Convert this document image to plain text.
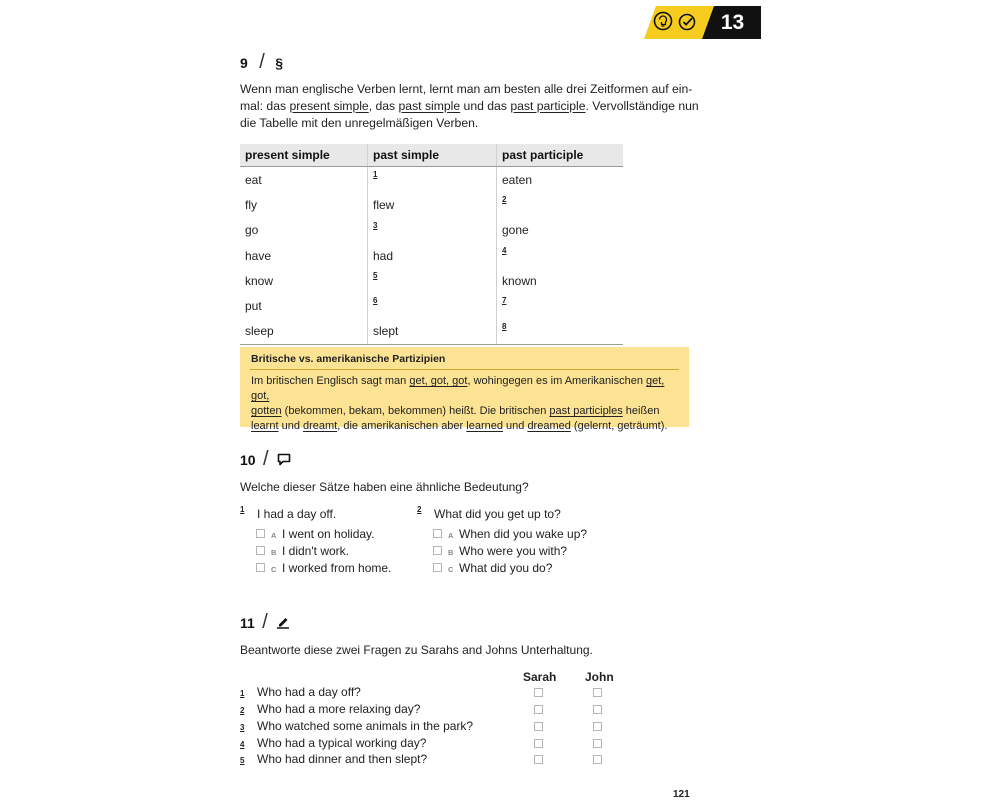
13
9 / §

Wenn man englische Verben lernt, lernt man am besten alle drei Zeitformen auf ein-

mal: das present simple, das past simple und das past participle. Vervollständige nun

die Tabelle mit den unregelmäßigen Verben.

present simple	past simple	past participle
eat	$^1$	eaten
fly	flew	$^2$
go	$^3$	gone
have	had	$^4$
know	$^5$	known
put	$^6$	$^7$
sleep	slept	$^8$
Britische vs. amerikanische Partizipien
Im britischen Englisch sagt man get, got, got, wohingegen es im Amerikanischen get, got,
gotten (bekommen, bekam, bekommen) heißt. Die britischen past participles heißen
learnt und dreamt, die amerikanischen aber learned und dreamed (gelernt, geträumt).
10 /
Welche dieser Sätze haben eine ähnliche Bedeutung?
1 I had a day off.
A I went on holiday.
B I didn't work.
C I worked from home.
2 What did you get up to?
A When did you wake up?
B Who were you with?
C What did you do?
11 /
Beantworte diese zwei Fragen zu Sarahs and Johns Unterhaltung.
Sarah John
1 Who had a day off?
2 Who had a more relaxing day?
3 Who watched some animals in the park?
4 Who had a typical working day?
5 Who had dinner and then slept?
121
